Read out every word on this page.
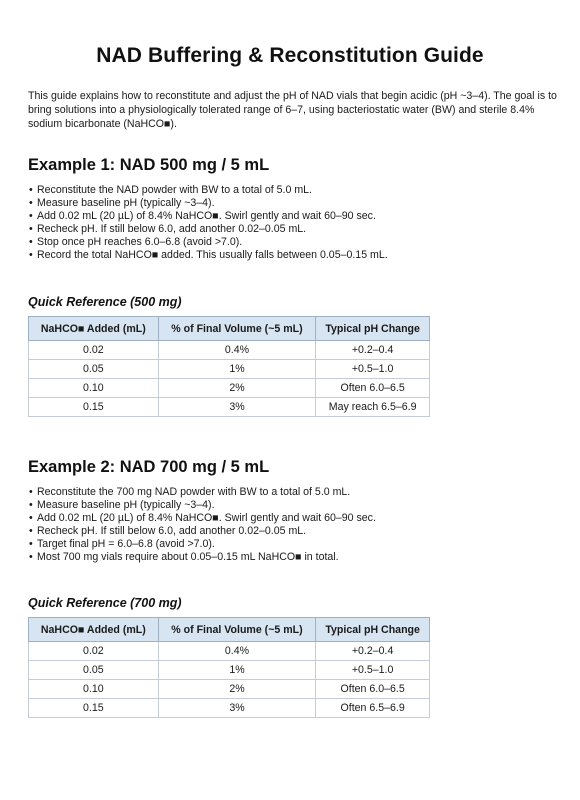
NAD Buffering & Reconstitution Guide
This guide explains how to reconstitute and adjust the pH of NAD vials that begin acidic (pH ~3–4). The goal is to bring solutions into a physiologically tolerated range of 6–7, using bacteriostatic water (BW) and sterile 8.4% sodium bicarbonate (NaHCO■).
Example 1: NAD 500 mg / 5 mL
• Reconstitute the NAD powder with BW to a total of 5.0 mL.
• Measure baseline pH (typically ~3–4).
• Add 0.02 mL (20 µL) of 8.4% NaHCO■. Swirl gently and wait 60–90 sec.
• Recheck pH. If still below 6.0, add another 0.02–0.05 mL.
• Stop once pH reaches 6.0–6.8 (avoid >7.0).
• Record the total NaHCO■ added. This usually falls between 0.05–0.15 mL.
Quick Reference (500 mg)
NaHCO■ Added (mL)	% of Final Volume (~5 mL)	Typical pH Change
0.02	0.4%	+0.2–0.4
0.05	1%	+0.5–1.0
0.10	2%	Often 6.0–6.5
0.15	3%	May reach 6.5–6.9
Example 2: NAD 700 mg / 5 mL
• Reconstitute the 700 mg NAD powder with BW to a total of 5.0 mL.
• Measure baseline pH (typically ~3–4).
• Add 0.02 mL (20 µL) of 8.4% NaHCO■. Swirl gently and wait 60–90 sec.
• Recheck pH. If still below 6.0, add another 0.02–0.05 mL.
• Target final pH = 6.0–6.8 (avoid >7.0).
• Most 700 mg vials require about 0.05–0.15 mL NaHCO■ in total.
Quick Reference (700 mg)
NaHCO■ Added (mL)	% of Final Volume (~5 mL)	Typical pH Change
0.02	0.4%	+0.2–0.4
0.05	1%	+0.5–1.0
0.10	2%	Often 6.0–6.5
0.15	3%	Often 6.5–6.9
